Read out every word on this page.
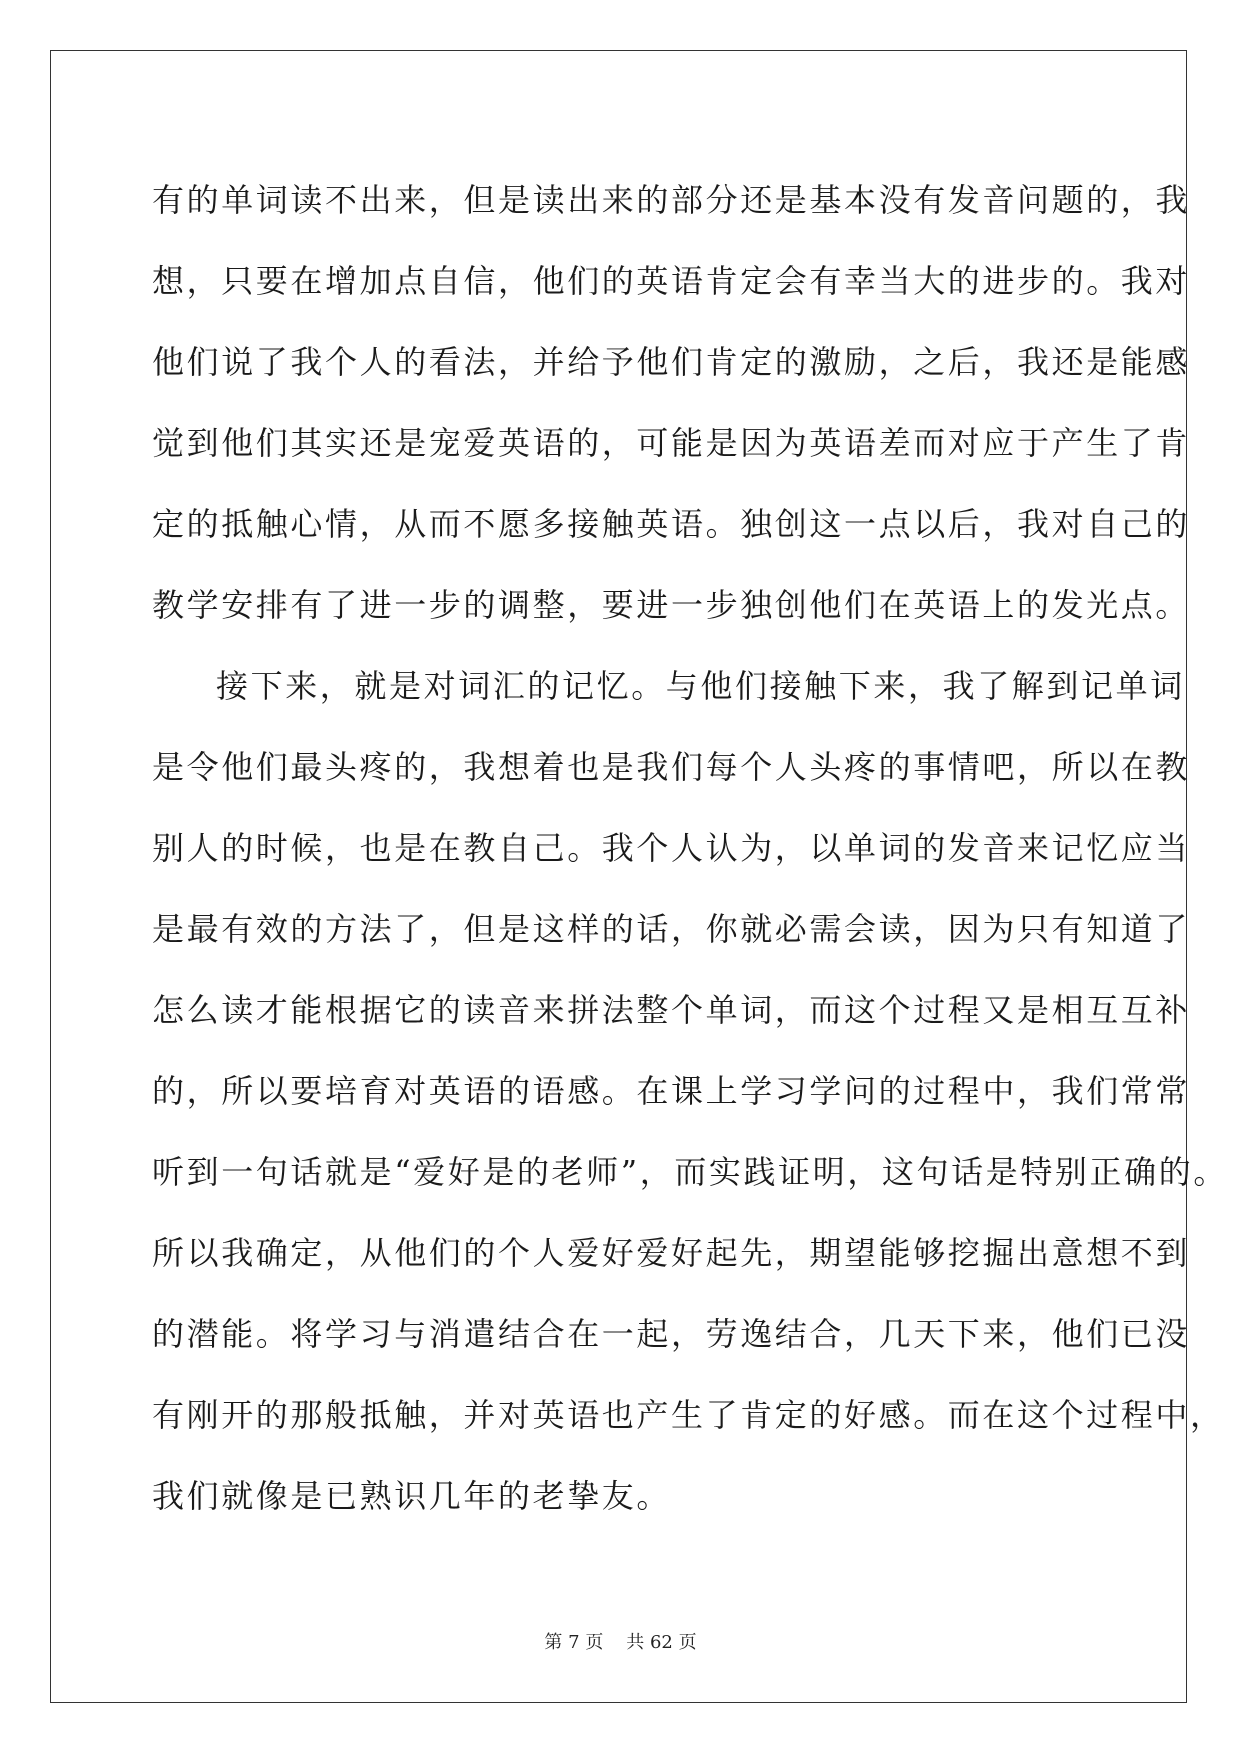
有的单词读不出来，但是读出来的部分还是基本没有发音问题的，我
想，只要在增加点自信，他们的英语肯定会有幸当大的进步的。我对
他们说了我个人的看法，并给予他们肯定的激励，之后，我还是能感
觉到他们其实还是宠爱英语的，可能是因为英语差而对应于产生了肯
定的抵触心情，从而不愿多接触英语。独创这一点以后，我对自己的
教学安排有了进一步的调整，要进一步独创他们在英语上的发光点。
接下来，就是对词汇的记忆。与他们接触下来，我了解到记单词
是令他们最头疼的，我想着也是我们每个人头疼的事情吧，所以在教
别人的时候，也是在教自己。我个人认为，以单词的发音来记忆应当
是最有效的方法了，但是这样的话，你就必需会读，因为只有知道了
怎么读才能根据它的读音来拼法整个单词，而这个过程又是相互互补
的，所以要培育对英语的语感。在课上学习学问的过程中，我们常常
听到一句话就是“爱好是的老师”，而实践证明，这句话是特别正确的。
所以我确定，从他们的个人爱好爱好起先，期望能够挖掘出意想不到
的潜能。将学习与消遣结合在一起，劳逸结合，几天下来，他们已没
有刚开的那般抵触，并对英语也产生了肯定的好感。而在这个过程中，
我们就像是已熟识几年的老挚友。
第 7 页 共 62 页
